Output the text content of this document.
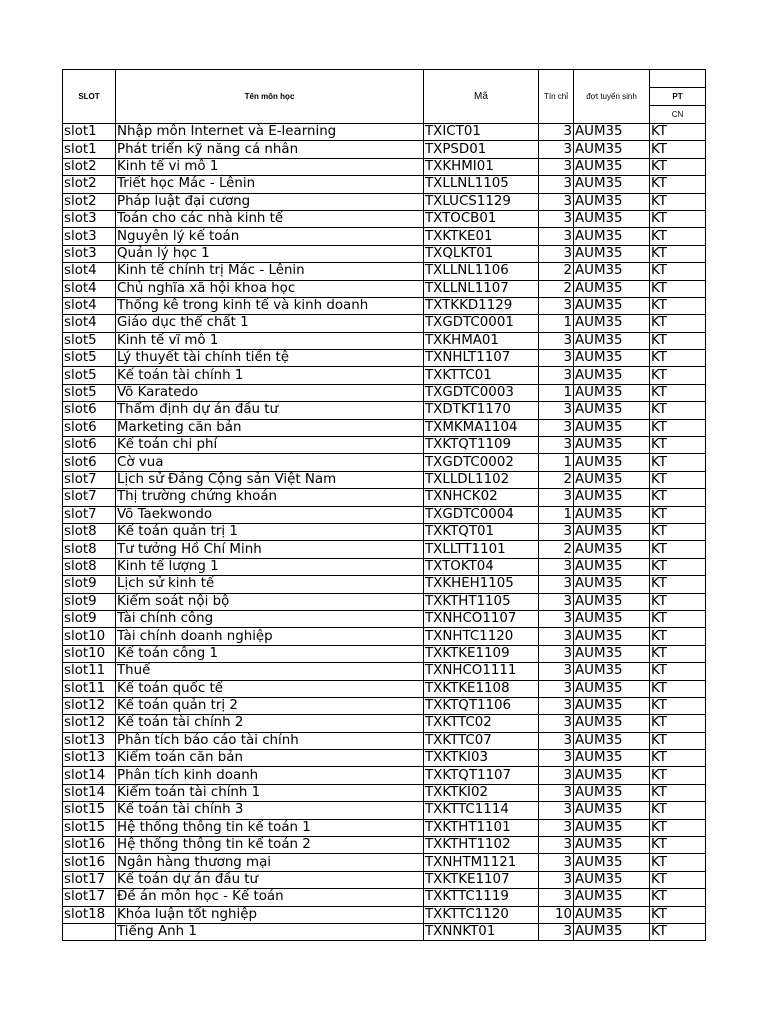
SLOT	Tên môn học	Mã	Tín chỉ	đợt tuyển sinh	
					PT
					CN
slot1	Nhập môn Internet và E-learning	TXICT01	3	AUM35	KT
slot1	Phát triển kỹ năng cá nhân	TXPSD01	3	AUM35	KT
slot2	Kinh tế vi mô 1	TXKHMI01	3	AUM35	KT
slot2	Triết học Mác - Lênin	TXLLNL1105	3	AUM35	KT
slot2	Pháp luật đại cương	TXLUCS1129	3	AUM35	KT
slot3	Toán cho các nhà kinh tế	TXTOCB01	3	AUM35	KT
slot3	Nguyên lý kế toán	TXKTKE01	3	AUM35	KT
slot3	Quản lý học 1	TXQLKT01	3	AUM35	KT
slot4	Kinh tế chính trị Mác - Lênin	TXLLNL1106	2	AUM35	KT
slot4	Chủ nghĩa xã hội khoa học	TXLLNL1107	2	AUM35	KT
slot4	Thống kê trong kinh tế và kinh doanh	TXTKKD1129	3	AUM35	KT
slot4	Giáo dục thể chất 1	TXGDTC0001	1	AUM35	KT
slot5	Kinh tế vĩ mô 1	TXKHMA01	3	AUM35	KT
slot5	Lý thuyết tài chính tiền tệ	TXNHLT1107	3	AUM35	KT
slot5	Kế toán tài chính 1	TXKTTC01	3	AUM35	KT
slot5	Võ Karatedo	TXGDTC0003	1	AUM35	KT
slot6	Thẩm định dự án đầu tư	TXDTKT1170	3	AUM35	KT
slot6	Marketing căn bản	TXMKMA1104	3	AUM35	KT
slot6	Kế toán chi phí	TXKTQT1109	3	AUM35	KT
slot6	Cờ vua	TXGDTC0002	1	AUM35	KT
slot7	Lịch sử Đảng Cộng sản Việt Nam	TXLLDL1102	2	AUM35	KT
slot7	Thị trường chứng khoán	TXNHCK02	3	AUM35	KT
slot7	Võ Taekwondo	TXGDTC0004	1	AUM35	KT
slot8	Kế toán quản trị 1	TXKTQT01	3	AUM35	KT
slot8	Tư tưởng Hồ Chí Minh	TXLLTT1101	2	AUM35	KT
slot8	Kinh tế lượng 1	TXTOKT04	3	AUM35	KT
slot9	Lịch sử kinh tế	TXKHEH1105	3	AUM35	KT
slot9	Kiểm soát nội bộ	TXKTHT1105	3	AUM35	KT
slot9	Tài chính công	TXNHCO1107	3	AUM35	KT
slot10	Tài chính doanh nghiệp	TXNHTC1120	3	AUM35	KT
slot10	Kế toán công 1	TXKTKE1109	3	AUM35	KT
slot11	Thuế	TXNHCO1111	3	AUM35	KT
slot11	Kế toán quốc tế	TXKTKE1108	3	AUM35	KT
slot12	Kế toán quản trị 2	TXKTQT1106	3	AUM35	KT
slot12	Kế toán tài chính 2	TXKTTC02	3	AUM35	KT
slot13	Phân tích báo cáo tài chính	TXKTTC07	3	AUM35	KT
slot13	Kiểm toán căn bản	TXKTKI03	3	AUM35	KT
slot14	Phân tích kinh doanh	TXKTQT1107	3	AUM35	KT
slot14	Kiểm toán tài chính 1	TXKTKI02	3	AUM35	KT
slot15	Kế toán tài chính 3	TXKTTC1114	3	AUM35	KT
slot15	Hệ thống thông tin kế toán 1	TXKTHT1101	3	AUM35	KT
slot16	Hệ thống thông tin kế toán 2	TXKTHT1102	3	AUM35	KT
slot16	Ngân hàng thương mại	TXNHTM1121	3	AUM35	KT
slot17	Kế toán dự án đầu tư	TXKTKE1107	3	AUM35	KT
slot17	Đề án môn học - Kế toán	TXKTTC1119	3	AUM35	KT
slot18	Khóa luận tốt nghiệp	TXKTTC1120	10	AUM35	KT
	Tiếng Anh 1	TXNNKT01	3	AUM35	KT
